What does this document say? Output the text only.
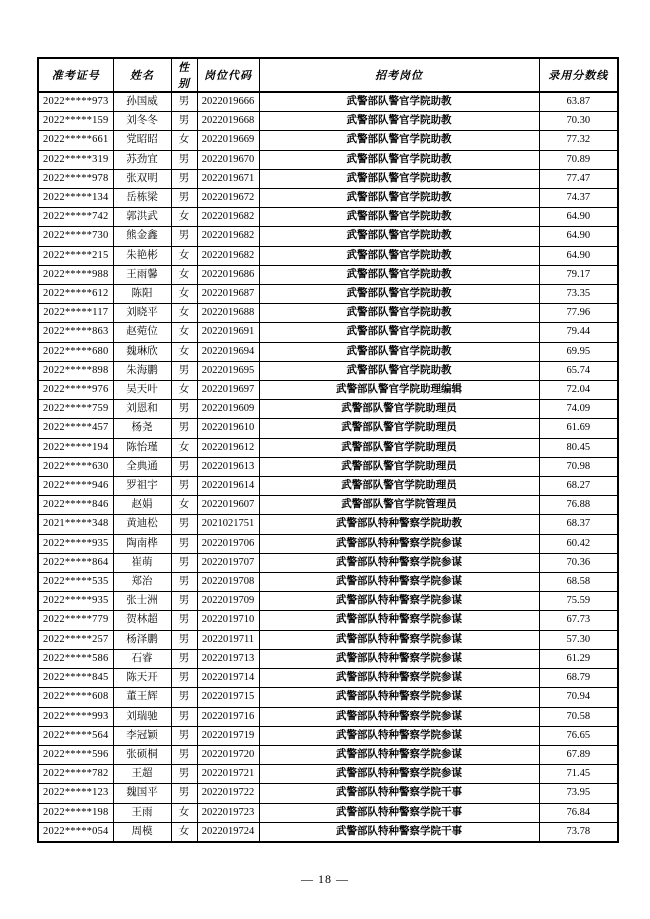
准考证号	姓名	性别	岗位代码	招考岗位	录用分数线
2022*****973	孙国威	男	2022019666	武警部队警官学院助教	63.87
2022*****159	刘冬冬	男	2022019668	武警部队警官学院助教	70.30
2022*****661	党昭昭	女	2022019669	武警部队警官学院助教	77.32
2022*****319	苏劲宜	男	2022019670	武警部队警官学院助教	70.89
2022*****978	张双明	男	2022019671	武警部队警官学院助教	77.47
2022*****134	岳栋梁	男	2022019672	武警部队警官学院助教	74.37
2022*****742	郭洪武	女	2022019682	武警部队警官学院助教	64.90
2022*****730	熊金鑫	男	2022019682	武警部队警官学院助教	64.90
2022*****215	朱艳彬	女	2022019682	武警部队警官学院助教	64.90
2022*****988	王雨馨	女	2022019686	武警部队警官学院助教	79.17
2022*****612	陈阳	女	2022019687	武警部队警官学院助教	73.35
2022*****117	刘晓平	女	2022019688	武警部队警官学院助教	77.96
2022*****863	赵菀位	女	2022019691	武警部队警官学院助教	79.44
2022*****680	魏琳欣	女	2022019694	武警部队警官学院助教	69.95
2022*****898	朱海鹏	男	2022019695	武警部队警官学院助教	65.74
2022*****976	吴天叶	女	2022019697	武警部队警官学院助理编辑	72.04
2022*****759	刘恩和	男	2022019609	武警部队警官学院助理员	74.09
2022*****457	杨尧	男	2022019610	武警部队警官学院助理员	61.69
2022*****194	陈怡瑾	女	2022019612	武警部队警官学院助理员	80.45
2022*****630	全典通	男	2022019613	武警部队警官学院助理员	70.98
2022*****946	罗祖宇	男	2022019614	武警部队警官学院助理员	68.27
2022*****846	赵娟	女	2022019607	武警部队警官学院管理员	76.88
2021*****348	黄迪松	男	2021021751	武警部队特种警察学院助教	68.37
2022*****935	陶南桦	男	2022019706	武警部队特种警察学院参谋	60.42
2022*****864	崔萌	男	2022019707	武警部队特种警察学院参谋	70.36
2022*****535	郑治	男	2022019708	武警部队特种警察学院参谋	68.58
2022*****935	张士洲	男	2022019709	武警部队特种警察学院参谋	75.59
2022*****779	贺林超	男	2022019710	武警部队特种警察学院参谋	67.73
2022*****257	杨泽鹏	男	2022019711	武警部队特种警察学院参谋	57.30
2022*****586	石睿	男	2022019713	武警部队特种警察学院参谋	61.29
2022*****845	陈天开	男	2022019714	武警部队特种警察学院参谋	68.79
2022*****608	董王辉	男	2022019715	武警部队特种警察学院参谋	70.94
2022*****993	刘瑞驰	男	2022019716	武警部队特种警察学院参谋	70.58
2022*****564	李冠颖	男	2022019719	武警部队特种警察学院参谋	76.65
2022*****596	张硕桐	男	2022019720	武警部队特种警察学院参谋	67.89
2022*****782	王超	男	2022019721	武警部队特种警察学院参谋	71.45
2022*****123	魏国平	男	2022019722	武警部队特种警察学院干事	73.95
2022*****198	王雨	女	2022019723	武警部队特种警察学院干事	76.84
2022*****054	周模	女	2022019724	武警部队特种警察学院干事	73.78
— 18 —
